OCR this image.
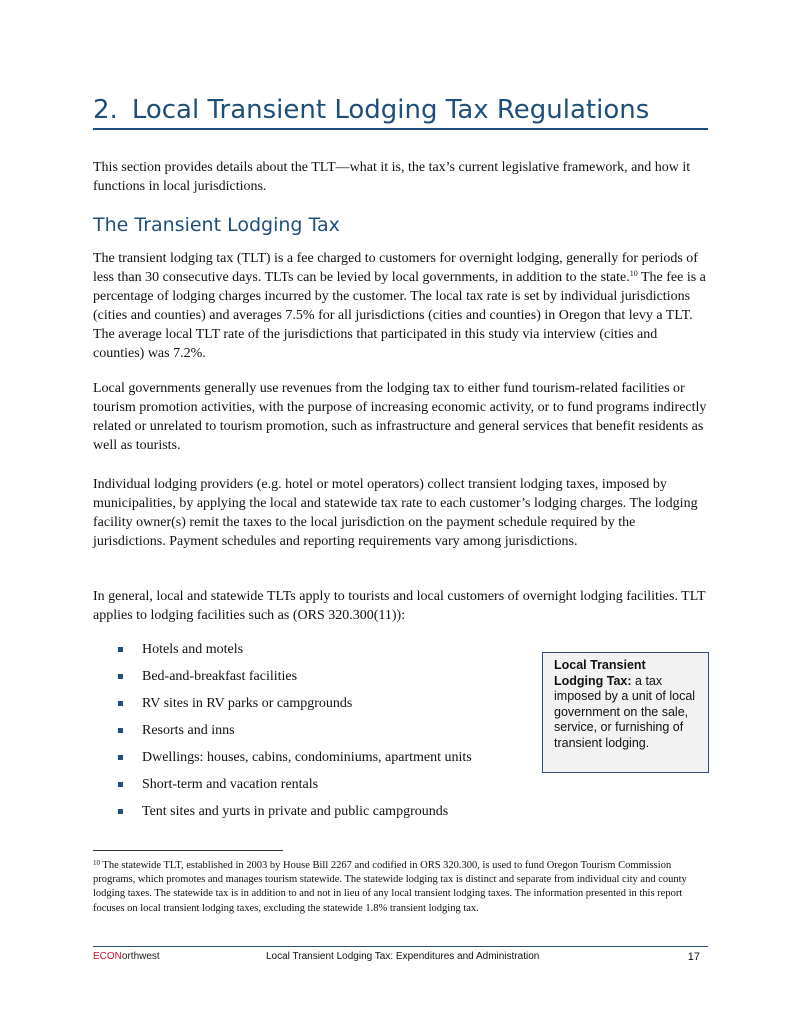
2. Local Transient Lodging Tax Regulations

This section provides details about the TLT—what it is, the tax’s current legislative framework, and how it functions in local jurisdictions.

The Transient Lodging Tax

The transient lodging tax (TLT) is a fee charged to customers for overnight lodging, generally for periods of less than 30 consecutive days. TLTs can be levied by local governments, in addition to the state.$^{10}$ The fee is a percentage of lodging charges incurred by the customer. The local tax rate is set by individual jurisdictions (cities and counties) and averages 7.5% for all jurisdictions (cities and counties) in Oregon that levy a TLT. The average local TLT rate of the jurisdictions that participated in this study via interview (cities and counties) was 7.2%.

Local governments generally use revenues from the lodging tax to either fund tourism-related facilities or tourism promotion activities, with the purpose of increasing economic activity, or to fund programs indirectly related or unrelated to tourism promotion, such as infrastructure and general services that benefit residents as well as tourists.

Individual lodging providers (e.g. hotel or motel operators) collect transient lodging taxes, imposed by municipalities, by applying the local and statewide tax rate to each customer’s lodging charges. The lodging facility owner(s) remit the taxes to the local jurisdiction on the payment schedule required by the jurisdictions. Payment schedules and reporting requirements vary among jurisdictions.

In general, local and statewide TLTs apply to tourists and local customers of overnight lodging facilities. TLT applies to lodging facilities such as (ORS 320.300(11)):

Hotels and motels
Bed-and-breakfast facilities
RV sites in RV parks or campgrounds
Resorts and inns
Dwellings: houses, cabins, condominiums, apartment units
Short-term and vacation rentals
Tent sites and yurts in private and public campgrounds
Local Transient Lodging Tax: a tax imposed by a unit of local government on the sale, service, or furnishing of transient lodging.

$^{10}$ The statewide TLT, established in 2003 by House Bill 2267 and codified in ORS 320.300, is used to fund Oregon Tourism Commission programs, which promotes and manages tourism statewide. The statewide lodging tax is distinct and separate from individual city and county lodging taxes. The statewide tax is in addition to and not in lieu of any local transient lodging taxes. The information presented in this report focuses on local transient lodging taxes, excluding the statewide 1.8% transient lodging tax.

ECONorthwest	Local Transient Lodging Tax: Expenditures and Administration	17
